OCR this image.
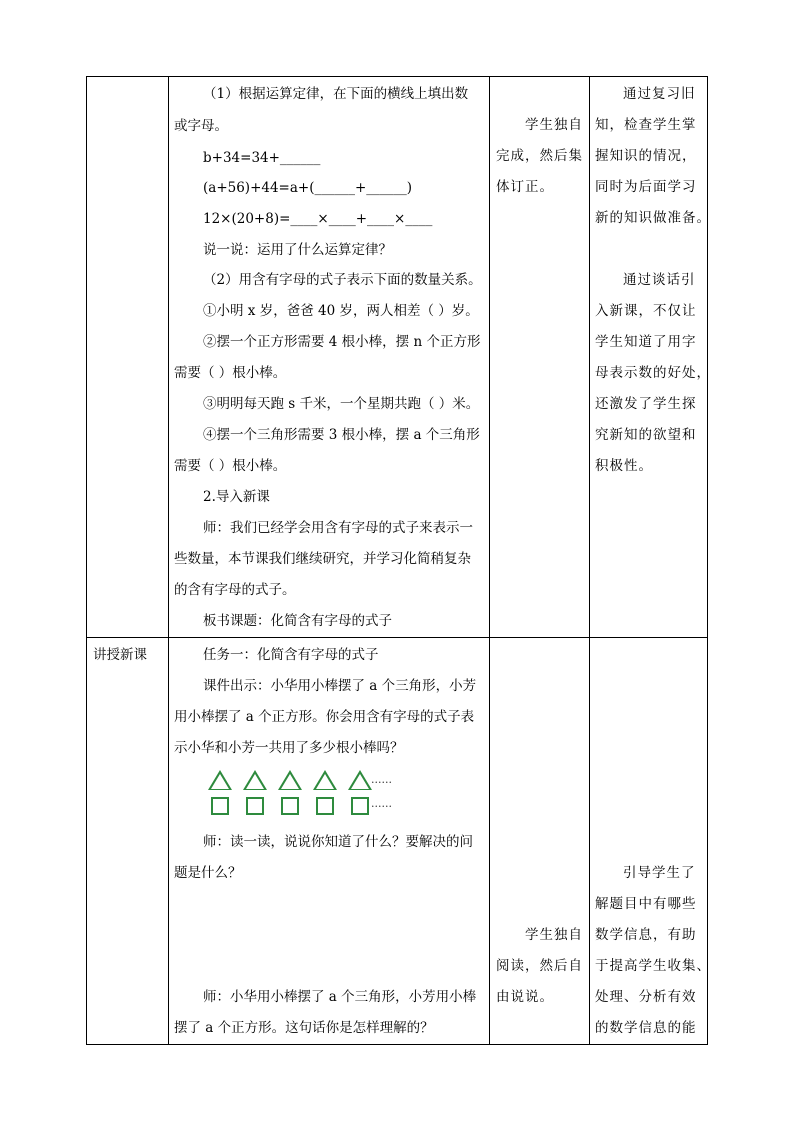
（1）根据运算定律，在下面的横线上填出数
或字母。
b+34=34+______
(a+56)+44=a+(______+______)
12×(20+8)=____×____+____×____
说一说：运用了什么运算定律？
（2）用含有字母的式子表示下面的数量关系。
①小明 x 岁，爸爸 40 岁，两人相差（ ）岁。
②摆一个正方形需要 4 根小棒，摆 n 个正方形
需要（ ）根小棒。
③明明每天跑 s 千米，一个星期共跑（ ）米。
④摆一个三角形需要 3 根小棒，摆 a 个三角形
需要（ ）根小棒。
2.导入新课
师：我们已经学会用含有字母的式子来表示一
些数量，本节课我们继续研究，并学习化简稍复杂
的含有字母的式子。
板书课题：化简含有字母的式子
学生独自
完成，然后集
体订正。
通过复习旧
知，检查学生掌
握知识的情况，
同时为后面学习
新的知识做准备。
通过谈话引
入新课，不仅让
学生知道了用字
母表示数的好处，
还激发了学生探
究新知的欲望和
积极性。
讲授新课	任务一：化简含有字母的式子
课件出示：小华用小棒摆了 a 个三角形，小芳
用小棒摆了 a 个正方形。你会用含有字母的式子表
示小华和小芳一共用了多少根小棒吗？
......
......
师：读一读，说说你知道了什么？要解决的问
题是什么？
师：小华用小棒摆了 a 个三角形，小芳用小棒
摆了 a 个正方形。这句话你是怎样理解的？
学生独自
阅读，然后自
由说说。
引导学生了
解题目中有哪些
数学信息，有助
于提高学生收集、
处理、分析有效
的数学信息的能
